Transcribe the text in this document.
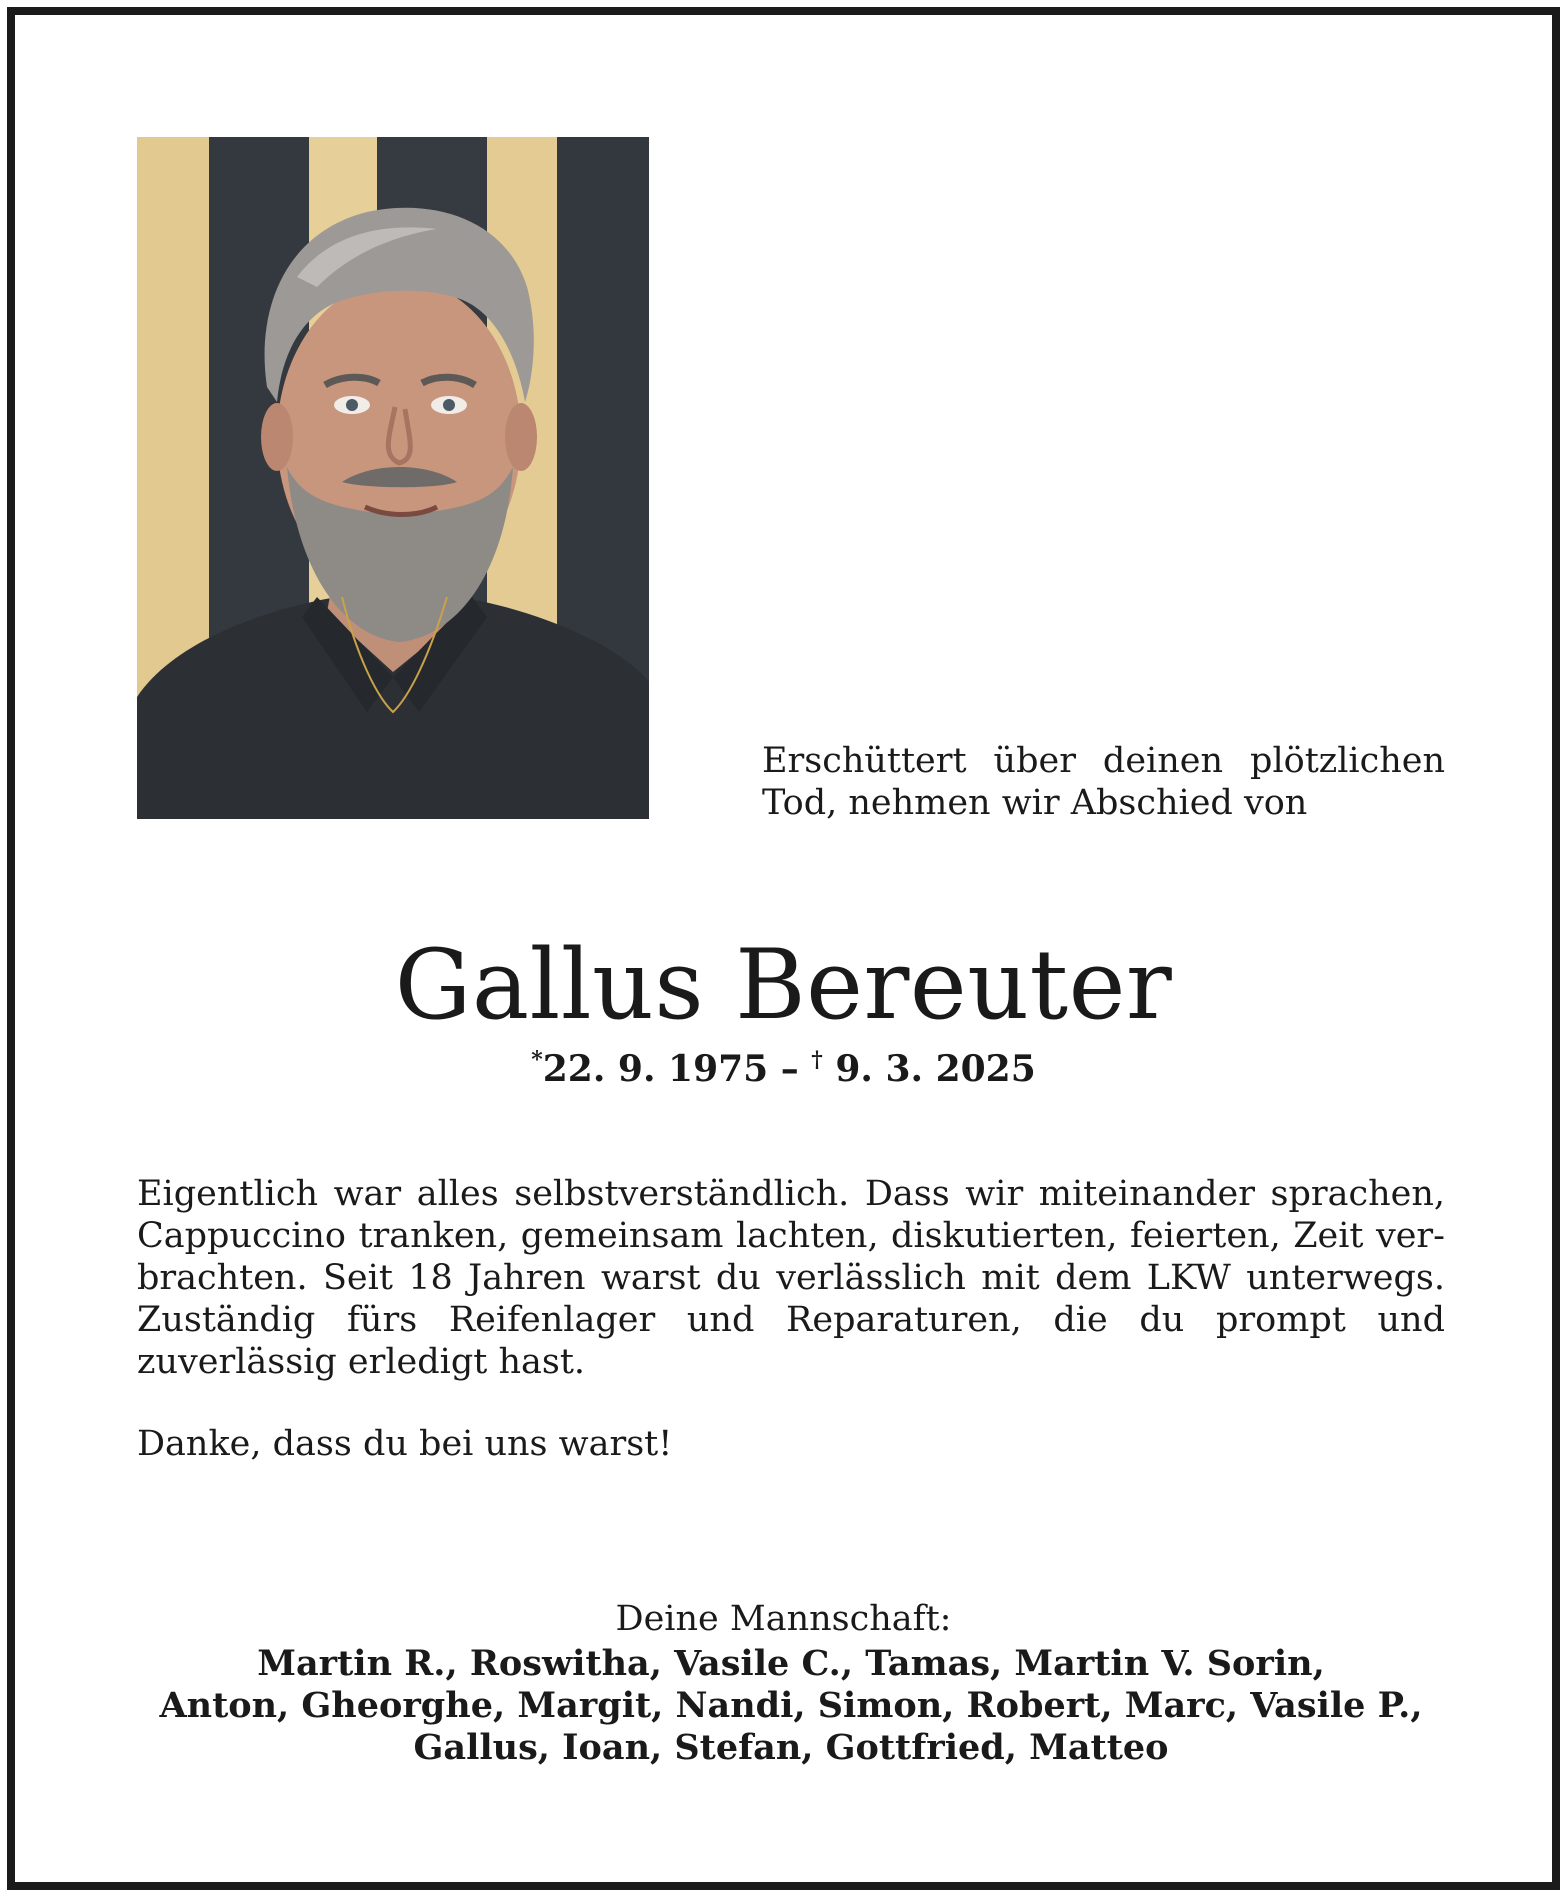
Erschüttert über deinen plötzlichen Tod, nehmen wir Abschied von
Gallus Bereuter
*22. 9. 1975 – † 9. 3. 2025

Eigentlich war alles selbstverständlich. Dass wir miteinander sprachen, Cappuccino tranken, gemeinsam lachten, diskutierten, feierten, Zeit verbrachten. Seit 18 Jahren warst du verlässlich mit dem LKW unterwegs. Zuständig fürs Reifenlager und Reparaturen, die du prompt und zuverlässig erledigt hast.

Danke, dass du bei uns warst!

Deine Mannschaft:
Martin R., Roswitha, Vasile C., Tamas, Martin V. Sorin,
Anton, Gheorghe, Margit, Nandi, Simon, Robert, Marc, Vasile P.,
Gallus, Ioan, Stefan, Gottfried, Matteo
